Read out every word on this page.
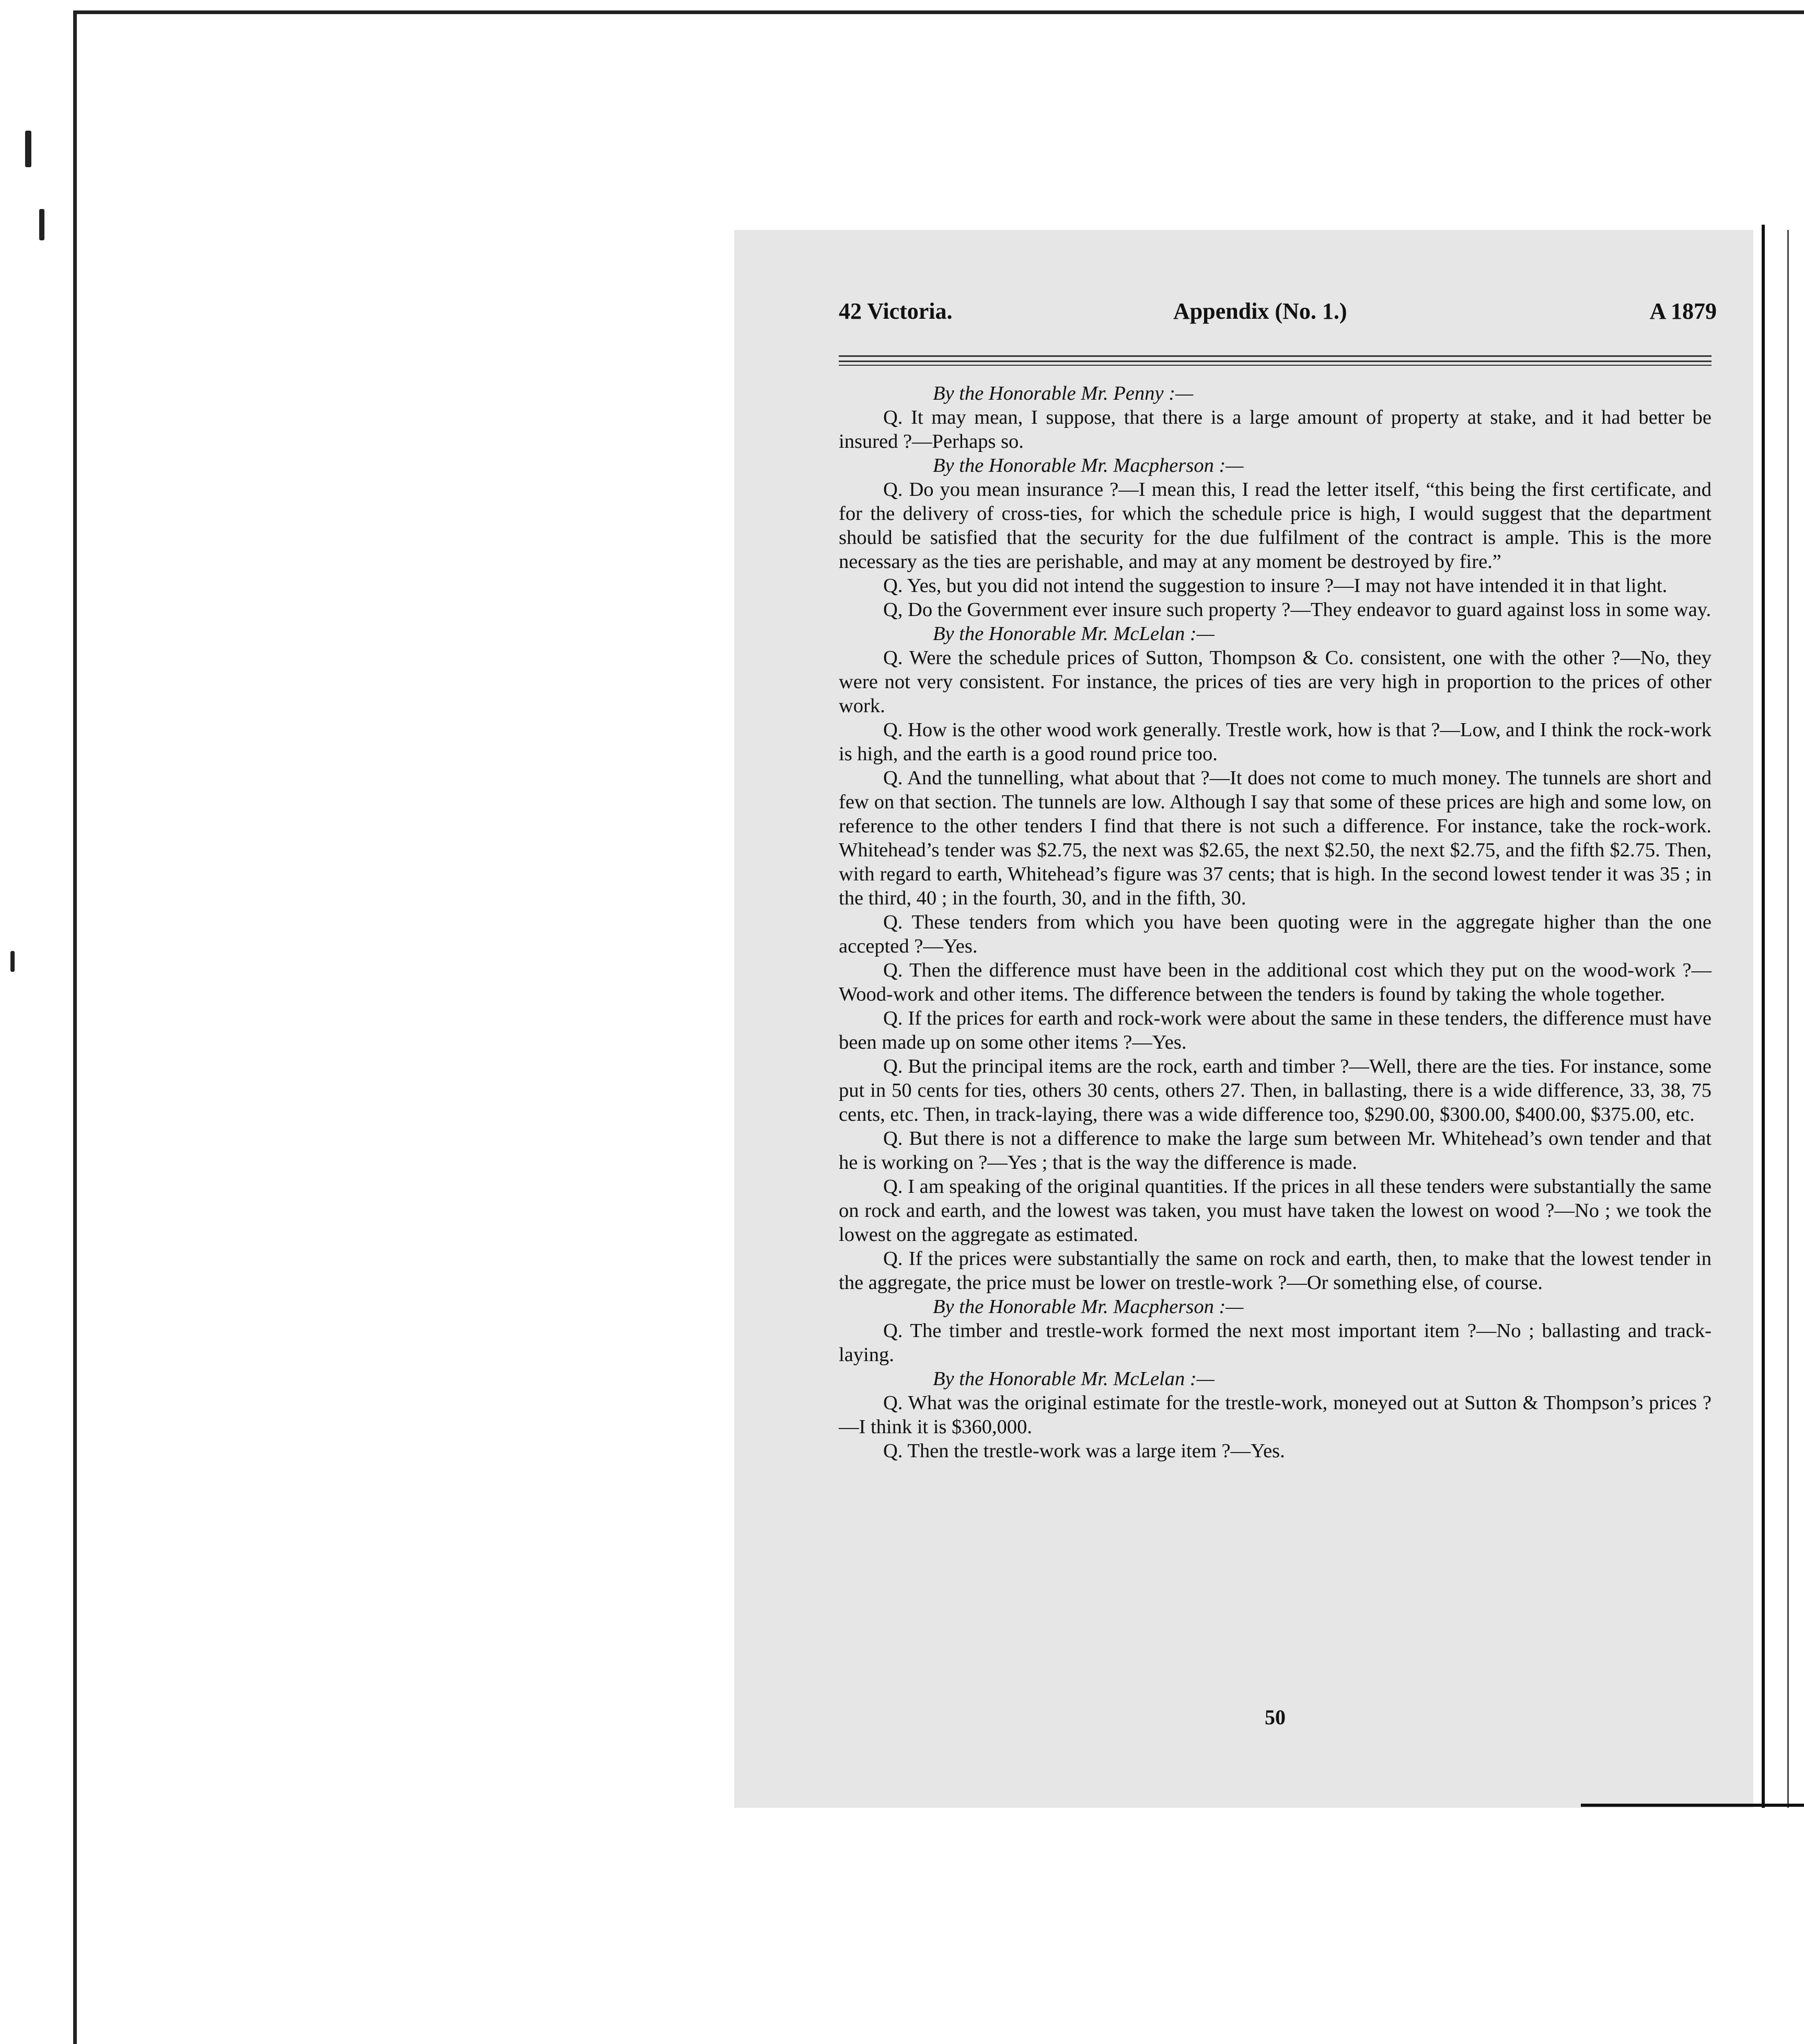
42 Victoria.	Appendix (No. 1.)	A 1879

By the Honorable Mr. Penny :—

Q. It may mean, I suppose, that there is a large amount of property at stake, and it had better be insured ?—Perhaps so.

By the Honorable Mr. Macpherson :—

Q. Do you mean insurance ?—I mean this, I read the letter itself, “this being the first certificate, and for the delivery of cross-ties, for which the schedule price is high, I would suggest that the department should be satisfied that the security for the due fulfilment of the contract is ample. This is the more necessary as the ties are perishable, and may at any moment be destroyed by fire.”

Q. Yes, but you did not intend the suggestion to insure ?—I may not have intended it in that light.

Q, Do the Government ever insure such property ?—They endeavor to guard against loss in some way.

By the Honorable Mr. McLelan :—

Q. Were the schedule prices of Sutton, Thompson & Co. consistent, one with the other ?—No, they were not very consistent. For instance, the prices of ties are very high in proportion to the prices of other work.

Q. How is the other wood work generally. Trestle work, how is that ?—Low, and I think the rock-work is high, and the earth is a good round price too.

Q. And the tunnelling, what about that ?—It does not come to much money. The tunnels are short and few on that section. The tunnels are low. Although I say that some of these prices are high and some low, on reference to the other tenders I find that there is not such a difference. For instance, take the rock-work. Whitehead’s tender was $2.75, the next was $2.65, the next $2.50, the next $2.75, and the fifth $2.75. Then, with regard to earth, Whitehead’s figure was 37 cents; that is high. In the second lowest tender it was 35 ; in the third, 40 ; in the fourth, 30, and in the fifth, 30.

Q. These tenders from which you have been quoting were in the aggregate higher than the one accepted ?—Yes.

Q. Then the difference must have been in the additional cost which they put on the wood-work ?—Wood-work and other items. The difference between the tenders is found by taking the whole together.

Q. If the prices for earth and rock-work were about the same in these tenders, the difference must have been made up on some other items ?—Yes.

Q. But the principal items are the rock, earth and timber ?—Well, there are the ties. For instance, some put in 50 cents for ties, others 30 cents, others 27. Then, in ballasting, there is a wide difference, 33, 38, 75 cents, etc. Then, in track-laying, there was a wide difference too, $290.00, $300.00, $400.00, $375.00, etc.

Q. But there is not a difference to make the large sum between Mr. Whitehead’s own tender and that he is working on ?—Yes ; that is the way the difference is made.

Q. I am speaking of the original quantities. If the prices in all these tenders were substantially the same on rock and earth, and the lowest was taken, you must have taken the lowest on wood ?—No ; we took the lowest on the aggregate as estimated.

Q. If the prices were substantially the same on rock and earth, then, to make that the lowest tender in the aggregate, the price must be lower on trestle-work ?—Or something else, of course.

By the Honorable Mr. Macpherson :—

Q. The timber and trestle-work formed the next most important item ?—No ; ballasting and track-laying.

By the Honorable Mr. McLelan :—

Q. What was the original estimate for the trestle-work, moneyed out at Sutton & Thompson’s prices ?—I think it is $360,000.

Q. Then the trestle-work was a large item ?—Yes.

50
